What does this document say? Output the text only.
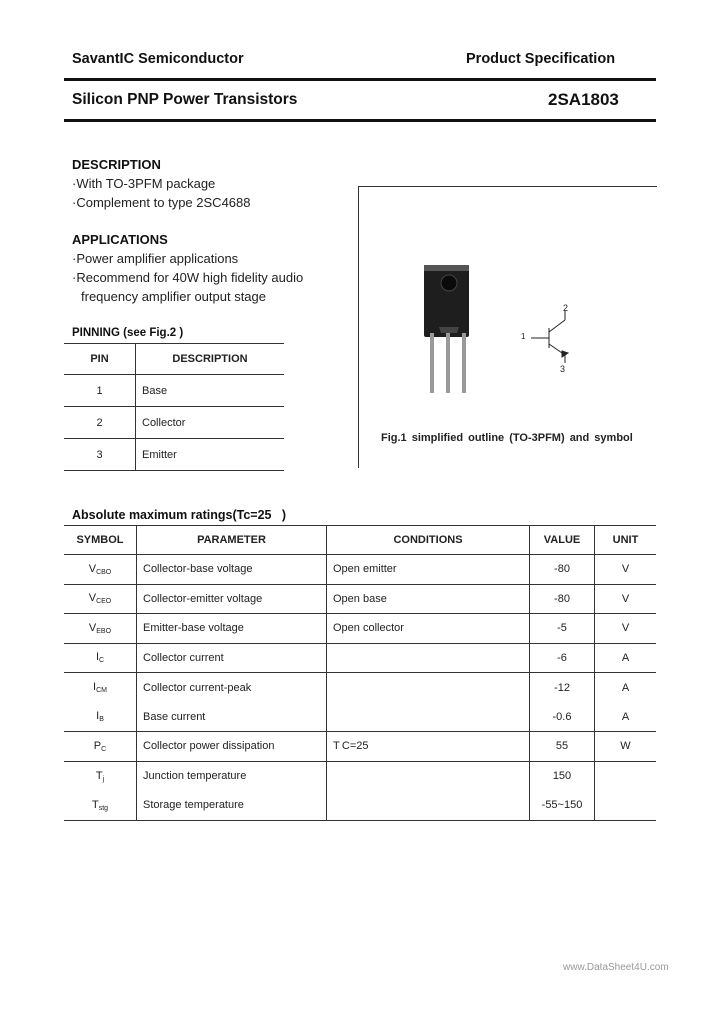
SavantIC Semiconductor	Product Specification
Silicon PNP Power Transistors	2SA1803
DESCRIPTION
·With TO-3PFM package
·Complement to type 2SC4688
APPLICATIONS
·Power amplifier applications
·Recommend for 40W high fidelity audio
frequency amplifier output stage
PINNING (see Fig.2 )
PIN	DESCRIPTION
1	Base
2	Collector
3	Emitter
2
1
3
Fig.1 simplified outline (TO-3PFM) and symbol
Absolute maximum ratings(Tc=25   )
SYMBOL	PARAMETER	CONDITIONS	VALUE	UNIT
$V_{CBO}$	Collector-base voltage	Open emitter	-80	V
$V_{CEO}$	Collector-emitter voltage	Open base	-80	V
$V_{EBO}$	Emitter-base voltage	Open collector	-5	V
$I_C$	Collector current		-6	A
$I_{CM}$	Collector current-peak		-12	A
$I_B$	Base current		-0.6	A
$P_C$	Collector power dissipation	T C=25	55	W
$T_j$	Junction temperature		150	
$T_{stg}$	Storage temperature		-55~150	
www.DataSheet4U.com
